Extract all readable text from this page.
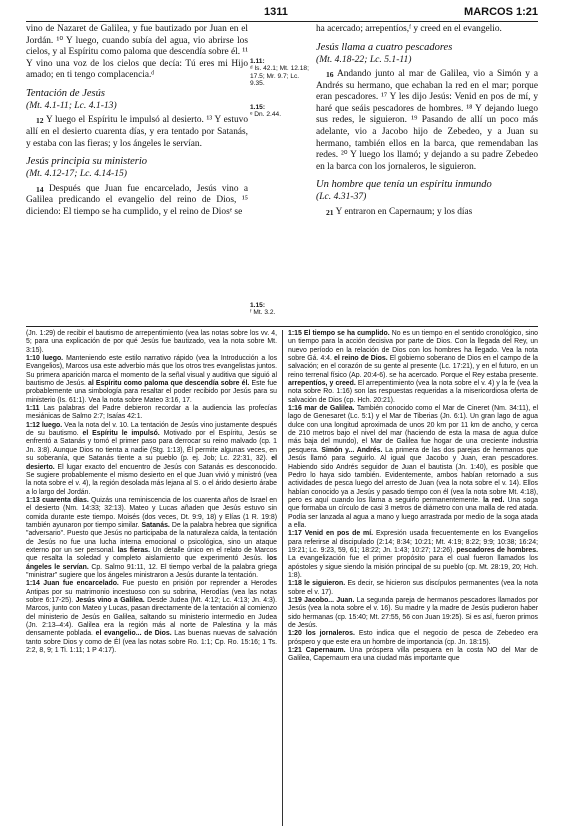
1311	MARCOS 1:21

vino de Nazaret de Galilea, y fue bautizado por Juan en el Jordán. ¹⁰ Y luego, cuando subía del agua, vio abrirse los cielos, y al Espíritu como paloma que descendía sobre él. ¹¹ Y vino una voz de los cielos que decía: Tú eres mi Hijo amado; en ti tengo complacencia.ᵈ

Tentación de Jesús
(Mt. 4.1-11; Lc. 4.1-13)

$^{12}$ Y luego el Espíritu le impulsó al desierto. ¹³ Y estuvo allí en el desierto cuarenta días, y era tentado por Satanás, y estaba con las fieras; y los ángeles le servían.

Jesús principia su ministerio
(Mt. 4.12-17; Lc. 4.14-15)

$^{14}$ Después que Juan fue encarcelado, Jesús vino a Galilea predicando el evangelio del reino de Dios, ¹⁵ diciendo: El tiempo se ha cumplido, y el reino de Diosᵉ se

1.11:
ᵈ Is. 42.1; Mt. 12.18; 17.5; Mr. 9.7; Lc. 9.35.
1.15:
ᵉ Dn. 2.44.
1.15:
ᶠ Mt. 3.2.

ha acercado; arrepentíos,ᶠ y creed en el evangelio.

Jesús llama a cuatro pescadores
(Mt. 4.18-22; Lc. 5.1-11)

$^{16}$ Andando junto al mar de Galilea, vio a Simón y a Andrés su hermano, que echaban la red en el mar; porque eran pescadores. ¹⁷ Y les dijo Jesús: Venid en pos de mí, y haré que seáis pescadores de hombres. ¹⁸ Y dejando luego sus redes, le siguieron. ¹⁹ Pasando de allí un poco más adelante, vio a Jacobo hijo de Zebedeo, y a Juan su hermano, también ellos en la barca, que remendaban las redes. ²⁰ Y luego los llamó; y dejando a su padre Zebedeo en la barca con los jornaleros, le siguieron.

Un hombre que tenía un espíritu inmundo
(Lc. 4.31-37)

$^{21}$ Y entraron en Capernaum; y los días

(Jn. 1:29) de recibir el bautismo de arrepentimiento (vea las notas sobre los vv. 4, 5; para una explicación de por qué Jesús fue bautizado, vea la nota sobre Mt. 3:15).

1:10 luego. Manteniendo este estilo narrativo rápido (vea la Introducción a los Evangelios), Marcos usa este adverbio más que los otros tres evangelistas juntos. Su primera aparición marca el momento de la señal visual y auditiva que siguió al bautismo de Jesús. al Espíritu como paloma que descendía sobre él. Este fue probablemente una simbología para resaltar el poder recibido por Jesús para su ministerio (Is. 61:1). Vea la nota sobre Mateo 3:16, 17.

1:11 Las palabras del Padre debieron recordar a la audiencia las profecías mesiánicas de Salmo 2:7; Isaías 42:1.

1:12 luego. Vea la nota del v. 10. La tentación de Jesús vino justamente después de su bautismo. el Espíritu le impulsó. Motivado por el Espíritu, Jesús se enfrentó a Satanás y tomó el primer paso para derrocar su reino malvado (cp. 1 Jn. 3:8). Aunque Dios no tienta a nadie (Stg. 1:13), Él permite algunas veces, en su soberanía, que Satanás tiente a su pueblo (p. ej. Job; Lc. 22:31, 32). el desierto. El lugar exacto del encuentro de Jesús con Satanás es desconocido. Se sugiere probablemente el mismo desierto en el que Juan vivió y ministró (vea la nota sobre el v. 4), la región desolada más lejana al S. o el árido desierto árabe a lo largo del Jordán.

1:13 cuarenta días. Quizás una reminiscencia de los cuarenta años de Israel en el desierto (Nm. 14:33; 32:13). Mateo y Lucas añaden que Jesús estuvo sin comida durante este tiempo. Moisés (dos veces, Dt. 9:9, 18) y Elías (1 R. 19:8) también ayunaron por tiempo similar. Satanás. De la palabra hebrea que significa "adversario". Puesto que Jesús no participaba de la naturaleza caída, la tentación de Jesús no fue una lucha interna emocional o psicológica, sino un ataque externo por un ser personal. las fieras. Un detalle único en el relato de Marcos que resalta la soledad y completo aislamiento que experimentó Jesús. los ángeles le servían. Cp. Salmo 91:11, 12. El tiempo verbal de la palabra griega "ministrar" sugiere que los ángeles ministraron a Jesús durante la tentación.

1:14 Juan fue encarcelado. Fue puesto en prisión por reprender a Herodes Antipas por su matrimonio incestuoso con su sobrina, Herodías (vea las notas sobre 6:17-25). Jesús vino a Galilea. Desde Judea (Mt. 4:12; Lc. 4:13; Jn. 4:3). Marcos, junto con Mateo y Lucas, pasan directamente de la tentación al comienzo del ministerio de Jesús en Galilea, saltando su ministerio intermedio en Judea (Jn. 2:13–4:4). Galilea era la región más al norte de Palestina y la más densamente poblada. el evangelio... de Dios. Las buenas nuevas de salvación tanto sobre Dios y como de Él (vea las notas sobre Ro. 1:1; Cp. Ro. 15:16; 1 Ts. 2:2, 8, 9; 1 Ti. 1:11; 1 P 4:17).

1:15 El tiempo se ha cumplido. No es un tiempo en el sentido cronológico, sino un tiempo para la acción decisiva por parte de Dios. Con la llegada del Rey, un nuevo período en la relación de Dios con los hombres ha llegado. Vea la nota sobre Gá. 4:4. el reino de Dios. El gobierno soberano de Dios en el campo de la salvación; en el corazón de su gente al presente (Lc. 17:21), y en el futuro, en un reino terrenal físico (Ap. 20:4-6). se ha acercado. Porque el Rey estaba presente. arrepentíos, y creed. El arrepentimiento (vea la nota sobre el v. 4) y la fe (vea la nota sobre Ro. 1:16) son las respuestas requeridas a la misericordiosa oferta de salvación de Dios (cp. Hch. 20:21).

1:16 mar de Galilea. También conocido como el Mar de Cineret (Nm. 34:11), el lago de Genesaret (Lc. 5:1) y el Mar de Tiberias (Jn. 6:1). Un gran lago de agua dulce con una longitud aproximada de unos 20 km por 11 km de ancho, y cerca de 210 metros bajo el nivel del mar (haciendo de esta la masa de agua dulce más baja del mundo), el Mar de Galilea fue hogar de una creciente industria pesquera. Simón y... Andrés. La primera de las dos parejas de hermanos que Jesús llamó para seguirlo. Al igual que Jacobo y Juan, eran pescadores. Habiendo sido Andrés seguidor de Juan el bautista (Jn. 1:40), es posible que Pedro lo haya sido también. Evidentemente, ambos habían retornado a sus actividades de pesca luego del arresto de Juan (vea la nota sobre el v. 14). Ellos habían conocido ya a Jesús y pasado tiempo con él (vea la nota sobre Mt. 4:18), pero es aquí cuando los llama a seguirlo permanentemente. la red. Una soga que formaba un círculo de casi 3 metros de diámetro con una malla de red atada. Podía ser lanzada al agua a mano y luego arrastrada por medio de la soga atada a ella.

1:17 Venid en pos de mí. Expresión usada frecuentemente en los Evangelios para referirse al discipulado (2:14; 8:34; 10:21; Mt. 4:19; 8:22; 9:9; 10:38; 16:24; 19:21; Lc. 9:23, 59, 61; 18:22; Jn. 1:43; 10:27; 12:26). pescadores de hombres. La evangelización fue el primer propósito para el cual fueron llamados los apóstoles y sigue siendo la misión principal de su pueblo (cp. Mt. 28:19, 20; Hch. 1:8).

1:18 le siguieron. Es decir, se hicieron sus discípulos permanentes (vea la nota sobre el v. 17).

1:19 Jacobo... Juan. La segunda pareja de hermanos pescadores llamados por Jesús (vea la nota sobre el v. 16). Su madre y la madre de Jesús pudieron haber sido hermanas (cp. 15:40; Mt. 27:55, 56 con Juan 19:25). Si es así, fueron primos de Jesús.

1:20 los jornaleros. Esto indica que el negocio de pesca de Zebedeo era próspero y que este era un hombre de importancia (cp. Jn. 18:15).

1:21 Capernaum. Una próspera villa pesquera en la costa NO del Mar de Galilea, Capernaum era una ciudad más importante que
